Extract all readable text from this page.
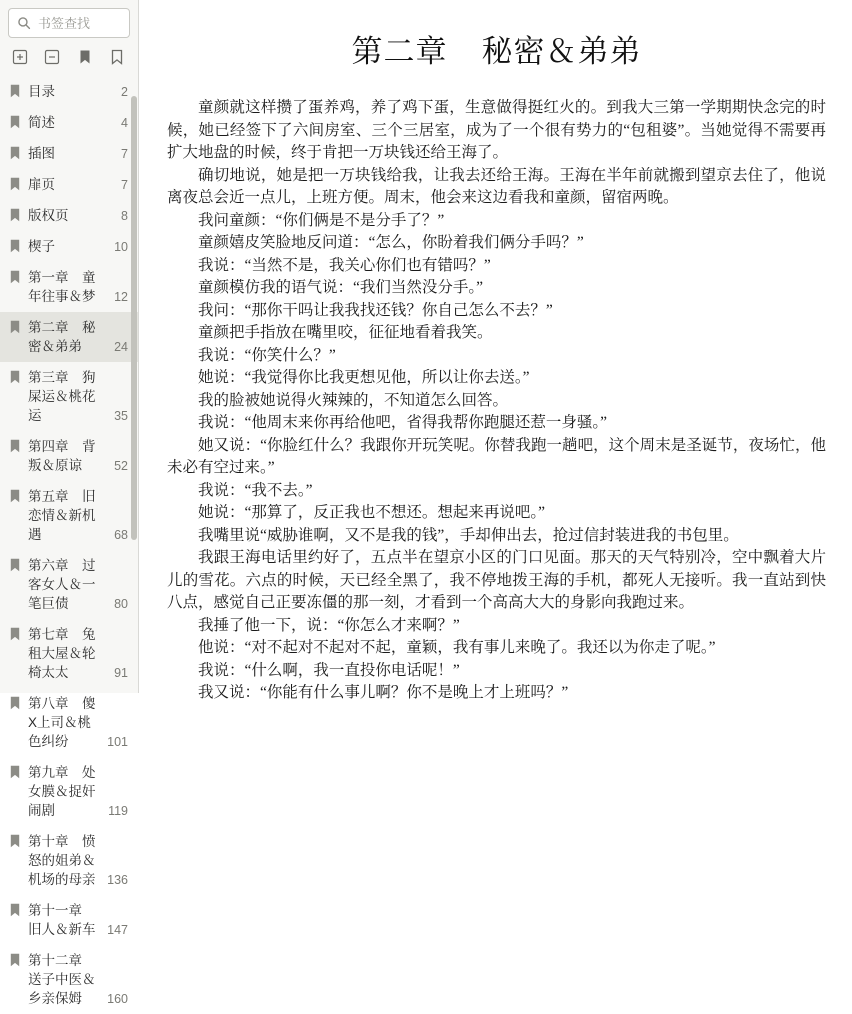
书签查找
目录	2
简述	4
插图	7
扉页	7
版权页	8
楔子	10
第一章　童年往事＆梦	12
第二章　秘密＆弟弟	24
第三章　狗屎运＆桃花运	35
第四章　背叛＆原谅	52
第五章　旧恋情＆新机遇	68
第六章　过客女人＆一笔巨债	80
第七章　兔租大屋＆轮椅太太	91
第八章　傻X上司＆桃色纠纷	101
第九章　处女膜＆捉奸闹剧	119
第十章　愤怒的姐弟＆机场的母亲 136
第十一章　旧人＆新车 147
第十二章　送子中医＆乡亲保姆	160
第二章 秘密＆弟弟

童颜就这样攒了蛋养鸡，养了鸡下蛋，生意做得挺红火的。到我大三第一学期期快念完的时候，她已经签下了六间房室、三个三居室，成为了一个很有势力的“包租婆”。当她觉得不需要再扩大地盘的时候，终于肯把一万块钱还给王海了。

确切地说，她是把一万块钱给我，让我去还给王海。王海在半年前就搬到望京去住了，他说离夜总会近一点儿，上班方便。周末，他会来这边看我和童颜，留宿两晚。

我问童颜：“你们俩是不是分手了？”

童颜嬉皮笑脸地反问道：“怎么，你盼着我们俩分手吗？”

我说：“当然不是，我关心你们也有错吗？”

童颜模仿我的语气说：“我们当然没分手。”

我问：“那你干吗让我我找还钱？你自己怎么不去？”

童颜把手指放在嘴里咬，征征地看着我笑。

我说：“你笑什么？”

她说：“我觉得你比我更想见他，所以让你去送。”

我的脸被她说得火辣辣的，不知道怎么回答。

我说：“他周末来你再给他吧，省得我帮你跑腿还惹一身骚。”

她又说：“你脸红什么？我跟你开玩笑呢。你替我跑一趟吧，这个周末是圣诞节，夜场忙，他未必有空过来。”

我说：“我不去。”

她说：“那算了，反正我也不想还。想起来再说吧。”

我嘴里说“威胁谁啊，又不是我的钱”，手却伸出去，抢过信封装进我的书包里。

我跟王海电话里约好了，五点半在望京小区的门口见面。那天的天气特别冷，空中飘着大片儿的雪花。六点的时候，天已经全黑了，我不停地拨王海的手机，都死人无接听。我一直站到快八点，感觉自己正要冻僵的那一刻，才看到一个高高大大的身影向我跑过来。

我捶了他一下，说：“你怎么才来啊？”

他说：“对不起对不起对不起，童颖，我有事儿来晚了。我还以为你走了呢。”

我说：“什么啊，我一直投你电话呢！”

我又说：“你能有什么事儿啊？你不是晚上才上班吗？”
